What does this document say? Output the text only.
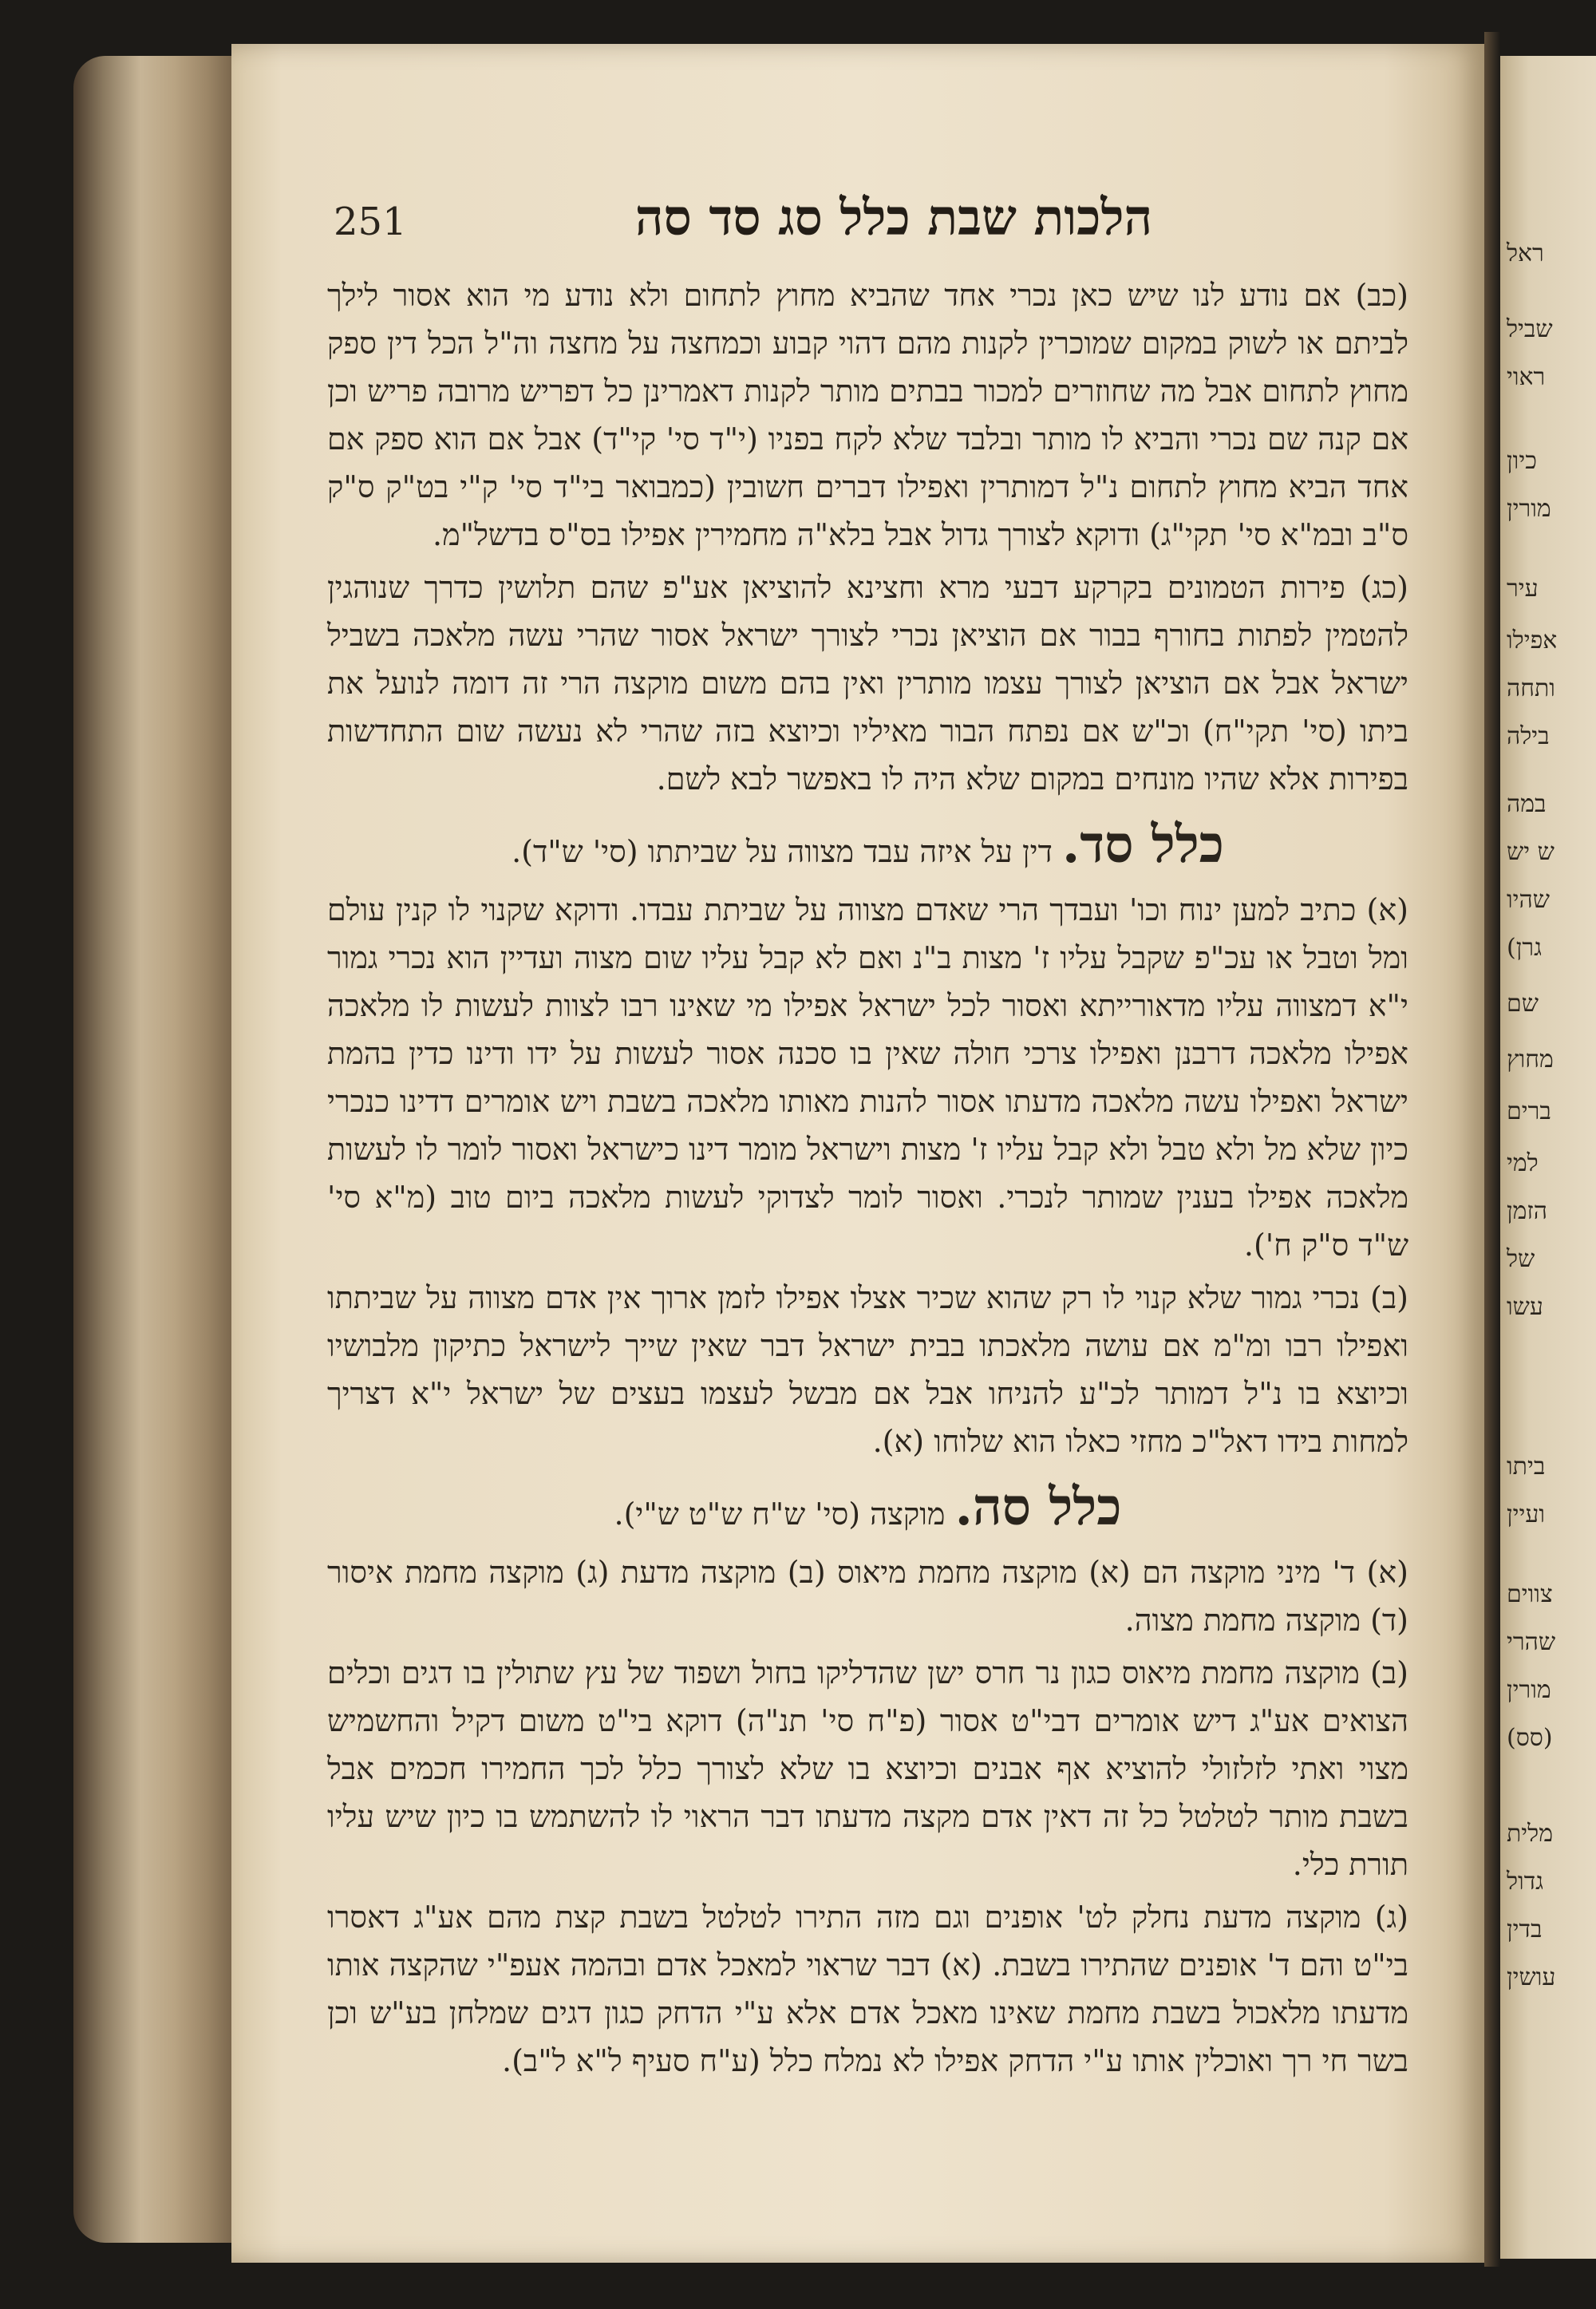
ראל
שביל
ראוי
כיון
מורין
עיר
אפילו
ותחה
בילה
במה
ש יש
שהיו
גרן)
שם
מחוץ
ברים
למי
הזמן
של
עשו
ביתו
ועיין
צווים
שהרי
מורין
(סס)
מלית
גדול
בדין
עושין
251	הלכות שבת כלל סג סד סה

(כב) אם נודע לנו שיש כאן נכרי אחד שהביא מחוץ לתחום ולא נודע מי הוא אסור לילך לביתם או לשוק במקום שמוכרין לקנות מהם דהוי קבוע וכמחצה על מחצה וה"ל הכל דין ספק מחוץ לתחום אבל מה שחוזרים למכור בבתים מותר לקנות דאמרינן כל דפריש מרובה פריש וכן אם קנה שם נכרי והביא לו מותר ובלבד שלא לקח בפניו (י"ד סי' קי"ד) אבל אם הוא ספק אם אחד הביא מחוץ לתחום נ"ל דמותרין ואפילו דברים חשובין (כמבואר בי"ד סי' ק"י בט"ק ס"ק ס"ב ובמ"א סי' תקי"ג) ודוקא לצורך גדול אבל בלא"ה מחמירין אפילו בס"ס בדשל"מ.

(כג) פירות הטמונים בקרקע דבעי מרא וחצינא להוציאן אע"פ שהם תלושין כדרך שנוהגין להטמין לפתות בחורף בבור אם הוציאן נכרי לצורך ישראל אסור שהרי עשה מלאכה בשביל ישראל אבל אם הוציאן לצורך עצמו מותרין ואין בהם משום מוקצה הרי זה דומה לנועל את ביתו (סי' תקי"ח) וכ"ש אם נפתח הבור מאיליו וכיוצא בזה שהרי לא נעשה שום התחדשות בפירות אלא שהיו מונחים במקום שלא היה לו באפשר לבא לשם.

כלל סד. דין על איזה עבד מצווה על שביתתו (סי' ש"ד).

(א) כתיב למען ינוח וכו' ועבדך הרי שאדם מצווה על שביתת עבדו. ודוקא שקנוי לו קנין עולם ומל וטבל או עכ"פ שקבל עליו ז' מצות ב"נ ואם לא קבל עליו שום מצוה ועדיין הוא נכרי גמור י"א דמצווה עליו מדאורייתא ואסור לכל ישראל אפילו מי שאינו רבו לצוות לעשות לו מלאכה אפילו מלאכה דרבנן ואפילו צרכי חולה שאין בו סכנה אסור לעשות על ידו ודינו כדין בהמת ישראל ואפילו עשה מלאכה מדעתו אסור להנות מאותו מלאכה בשבת ויש אומרים דדינו כנכרי כיון שלא מל ולא טבל ולא קבל עליו ז' מצות וישראל מומר דינו כישראל ואסור לומר לו לעשות מלאכה אפילו בענין שמותר לנכרי. ואסור לומר לצדוקי לעשות מלאכה ביום טוב (מ"א סי' ש"ד ס"ק ח').

(ב) נכרי גמור שלא קנוי לו רק שהוא שכיר אצלו אפילו לזמן ארוך אין אדם מצווה על שביתתו ואפילו רבו ומ"מ אם עושה מלאכתו בבית ישראל דבר שאין שייך לישראל כתיקון מלבושיו וכיוצא בו נ"ל דמותר לכ"ע להניחו אבל אם מבשל לעצמו בעצים של ישראל י"א דצריך למחות בידו דאל"כ מחזי כאלו הוא שלוחו (א).

כלל סה. מוקצה (סי' ש"ח ש"ט ש"י).

(א) ד' מיני מוקצה הם (א) מוקצה מחמת מיאוס (ב) מוקצה מדעת (ג) מוקצה מחמת איסור (ד) מוקצה מחמת מצוה.

(ב) מוקצה מחמת מיאוס כגון נר חרס ישן שהדליקו בחול ושפוד של עץ שתולין בו דגים וכלים הצואים אע"ג דיש אומרים דבי"ט אסור (פ"ח סי' תנ"ה) דוקא בי"ט משום דקיל והחשמיש מצוי ואתי לזלזולי להוציא אף אבנים וכיוצא בו שלא לצורך כלל לכך החמירו חכמים אבל בשבת מותר לטלטל כל זה דאין אדם מקצה מדעתו דבר הראוי לו להשתמש בו כיון שיש עליו תורת כלי.

(ג) מוקצה מדעת נחלק לט' אופנים וגם מזה התירו לטלטל בשבת קצת מהם אע"ג דאסרו בי"ט והם ד' אופנים שהתירו בשבת. (א) דבר שראוי למאכל אדם ובהמה אעפ"י שהקצה אותו מדעתו מלאכול בשבת מחמת שאינו מאכל אדם אלא ע"י הדחק כגון דגים שמלחן בע"ש וכן בשר חי רך ואוכלין אותו ע"י הדחק אפילו לא נמלח כלל (ע"ח סעיף ל"א ל"ב).
